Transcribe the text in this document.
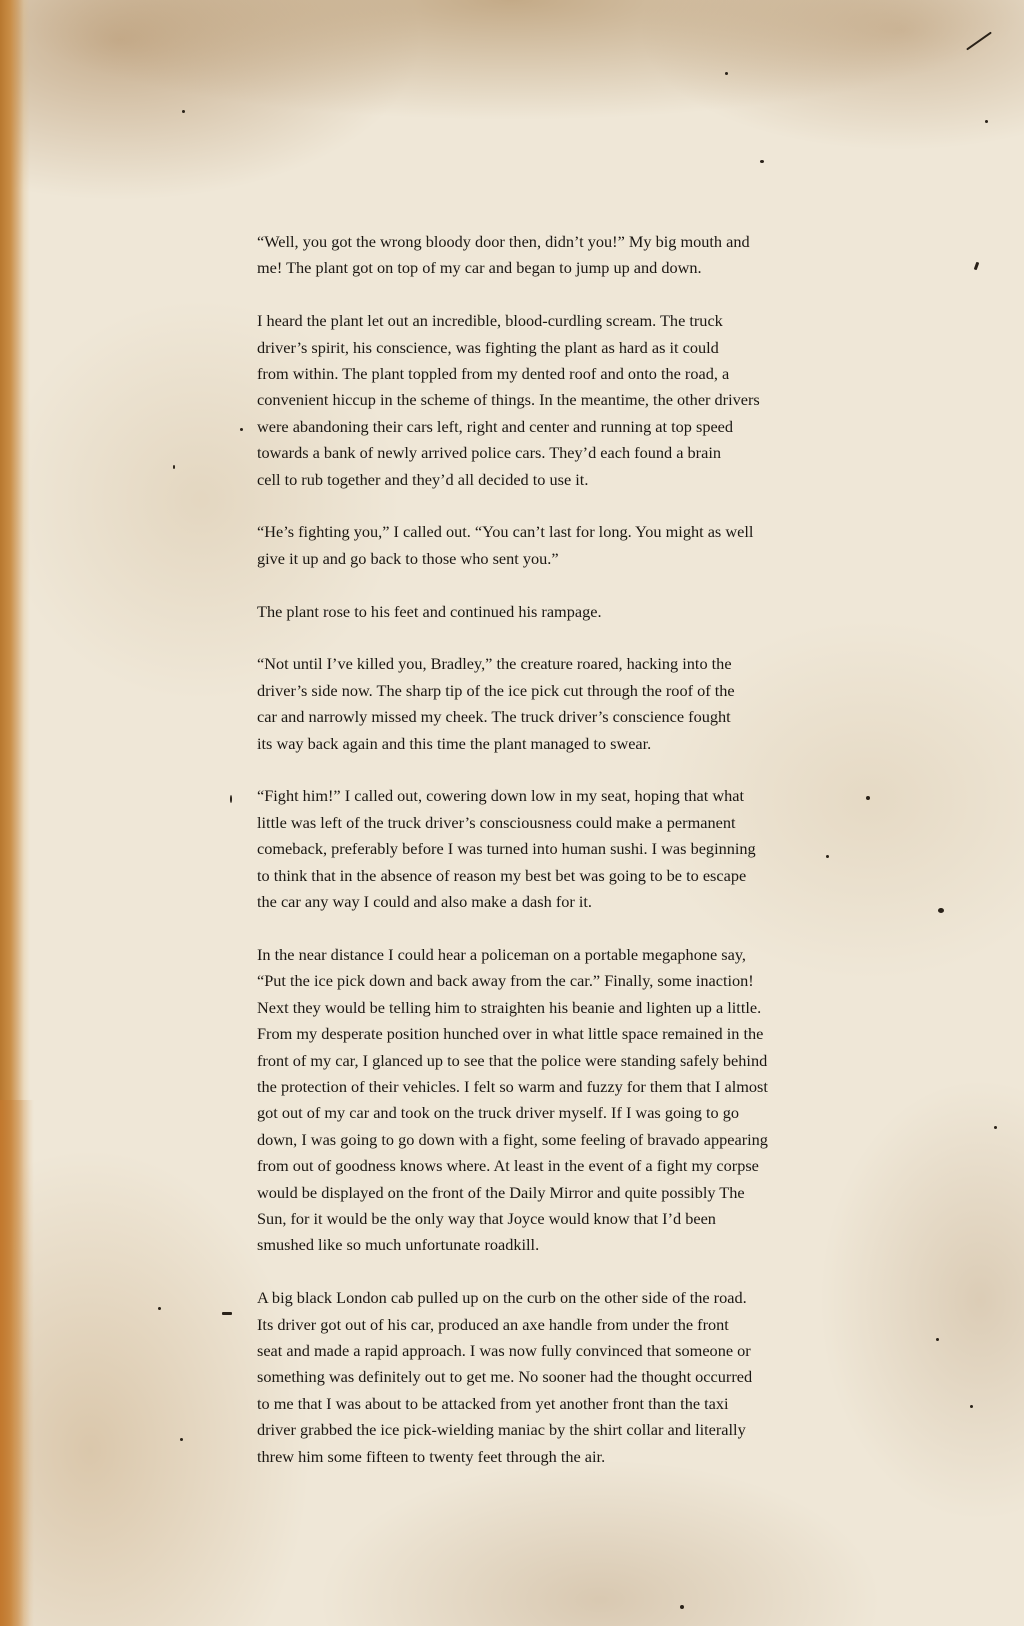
“Well, you got the wrong bloody door then, didn’t you!” My big mouth and
me! The plant got on top of my car and began to jump up and down.

I heard the plant let out an incredible, blood-curdling scream. The truck
driver’s spirit, his conscience, was fighting the plant as hard as it could
from within. The plant toppled from my dented roof and onto the road, a
convenient hiccup in the scheme of things. In the meantime, the other drivers
were abandoning their cars left, right and center and running at top speed
towards a bank of newly arrived police cars. They’d each found a brain
cell to rub together and they’d all decided to use it.

“He’s fighting you,” I called out. “You can’t last for long. You might as well
give it up and go back to those who sent you.”

The plant rose to his feet and continued his rampage.

“Not until I’ve killed you, Bradley,” the creature roared, hacking into the
driver’s side now. The sharp tip of the ice pick cut through the roof of the
car and narrowly missed my cheek. The truck driver’s conscience fought
its way back again and this time the plant managed to swear.

“Fight him!” I called out, cowering down low in my seat, hoping that what
little was left of the truck driver’s consciousness could make a permanent
comeback, preferably before I was turned into human sushi. I was beginning
to think that in the absence of reason my best bet was going to be to escape
the car any way I could and also make a dash for it.

In the near distance I could hear a policeman on a portable megaphone say,
“Put the ice pick down and back away from the car.” Finally, some inaction!
Next they would be telling him to straighten his beanie and lighten up a little.
From my desperate position hunched over in what little space remained in the
front of my car, I glanced up to see that the police were standing safely behind
the protection of their vehicles. I felt so warm and fuzzy for them that I almost
got out of my car and took on the truck driver myself. If I was going to go
down, I was going to go down with a fight, some feeling of bravado appearing
from out of goodness knows where. At least in the event of a fight my corpse
would be displayed on the front of the Daily Mirror and quite possibly The
Sun, for it would be the only way that Joyce would know that I’d been
smushed like so much unfortunate roadkill.

A big black London cab pulled up on the curb on the other side of the road.
Its driver got out of his car, produced an axe handle from under the front
seat and made a rapid approach. I was now fully convinced that someone or
something was definitely out to get me. No sooner had the thought occurred
to me that I was about to be attacked from yet another front than the taxi
driver grabbed the ice pick-wielding maniac by the shirt collar and literally
threw him some fifteen to twenty feet through the air.
